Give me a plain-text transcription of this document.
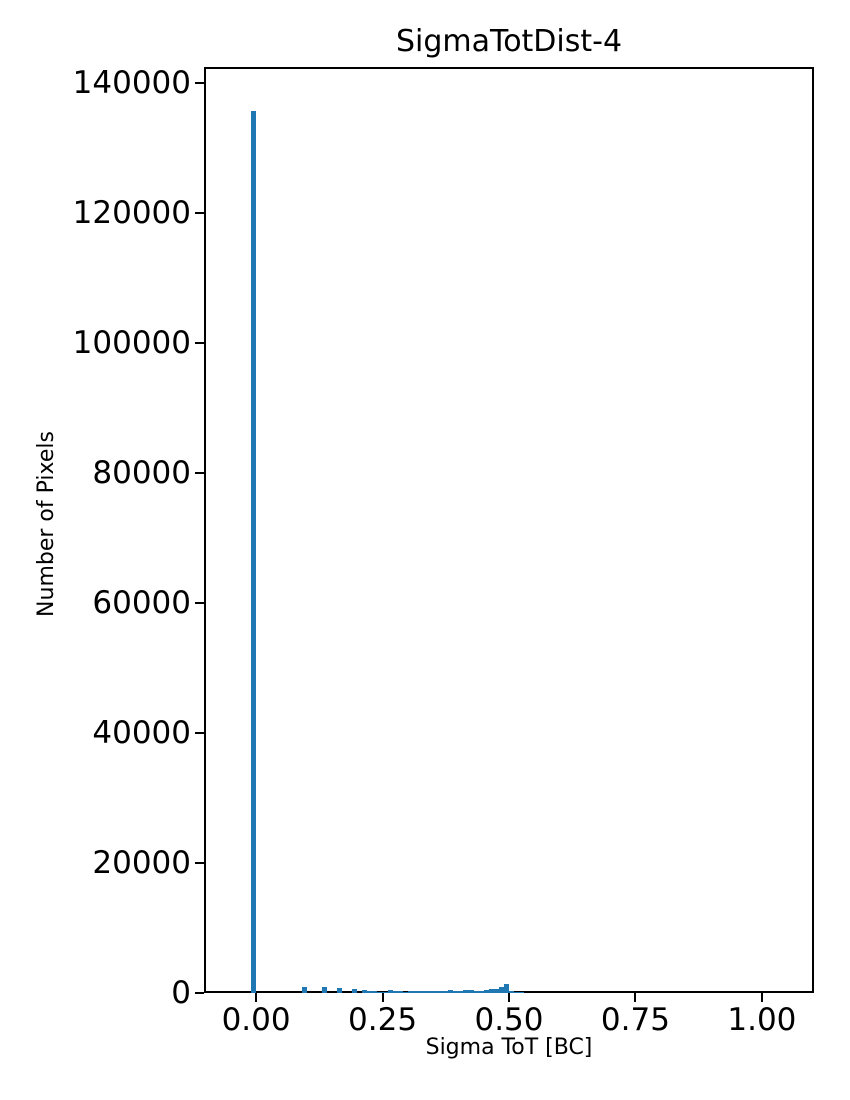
SigmaTotDist-4
0.00	0.25	0.50	0.75	1.00
0
20000
40000
60000
80000
100000
120000
140000
Sigma ToT [BC]
Number of Pixels
